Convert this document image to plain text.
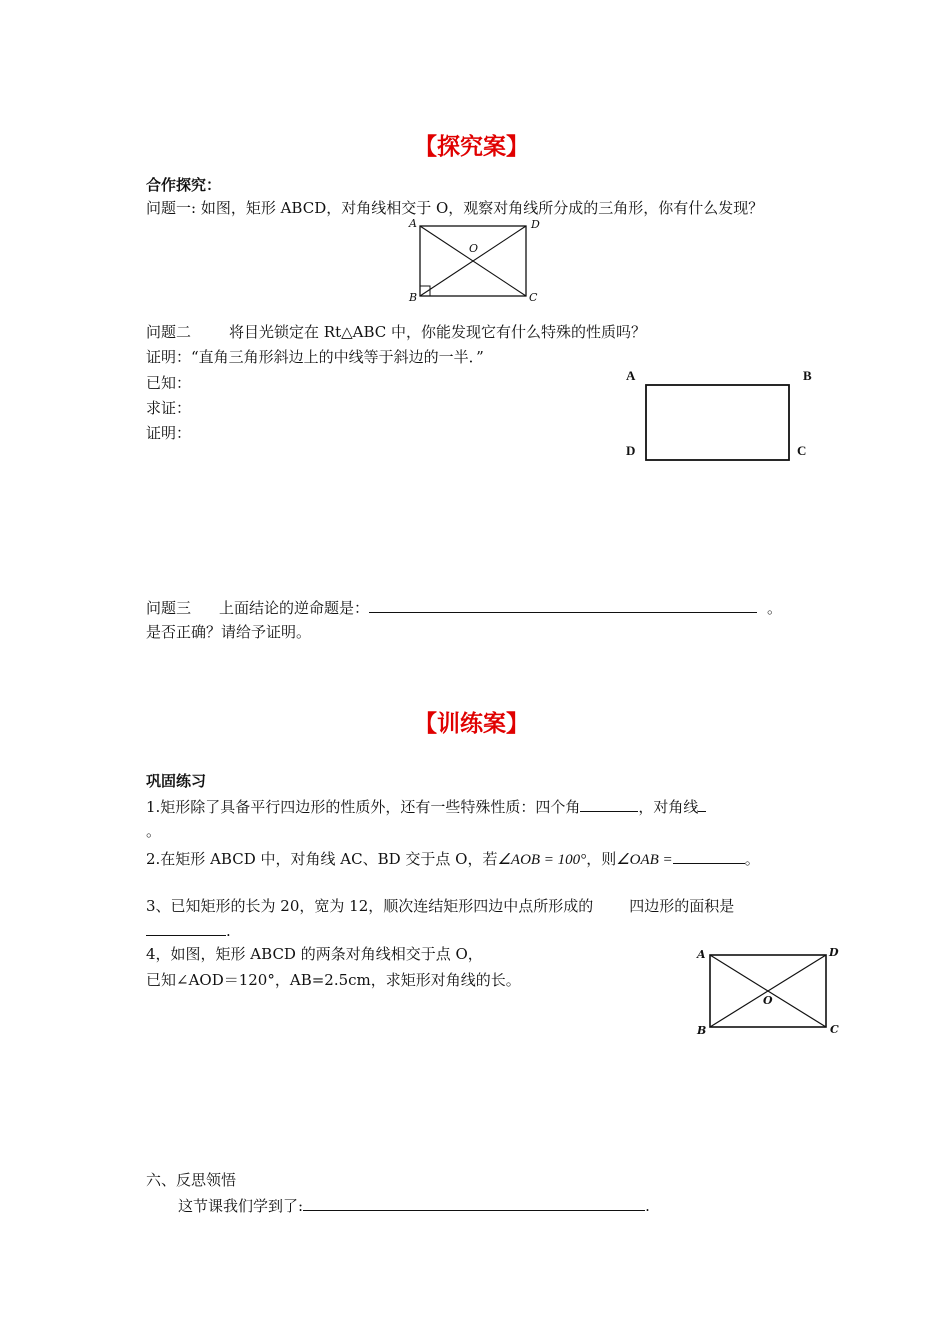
【探究案】
合作探究：
问题一: 如图，矩形 ABCD，对角线相交于 O，观察对角线所分成的三角形，你有什么发现？
A	D
O
B	C
问题二	将目光锁定在 Rt△ABC 中，你能发现它有什么特殊的性质吗？
证明：“直角三角形斜边上的中线等于斜边的一半．”
已知：
求证：
证明：
A	B
D	C
问题三 上面结论的逆命题是：	。
是否正确？请给予证明。
【训练案】
巩固练习
1.矩形除了具备平行四边形的性质外，还有一些特殊性质：四个角	，对角线
。
2.在矩形 ABCD 中，对角线 AC、BD 交于点 O，若∠AOB = 100°，则∠OAB =	。
3、已知矩形的长为 20，宽为 12，顺次连结矩形四边中点所形成的 四边形的面积是
.
4，如图，矩形 ABCD 的两条对角线相交于点 O，
已知∠AOD＝120°，AB=2.5cm，求矩形对角线的长。
A	D
O
B	C
六、反思领悟
这节课我们学到了:	.
